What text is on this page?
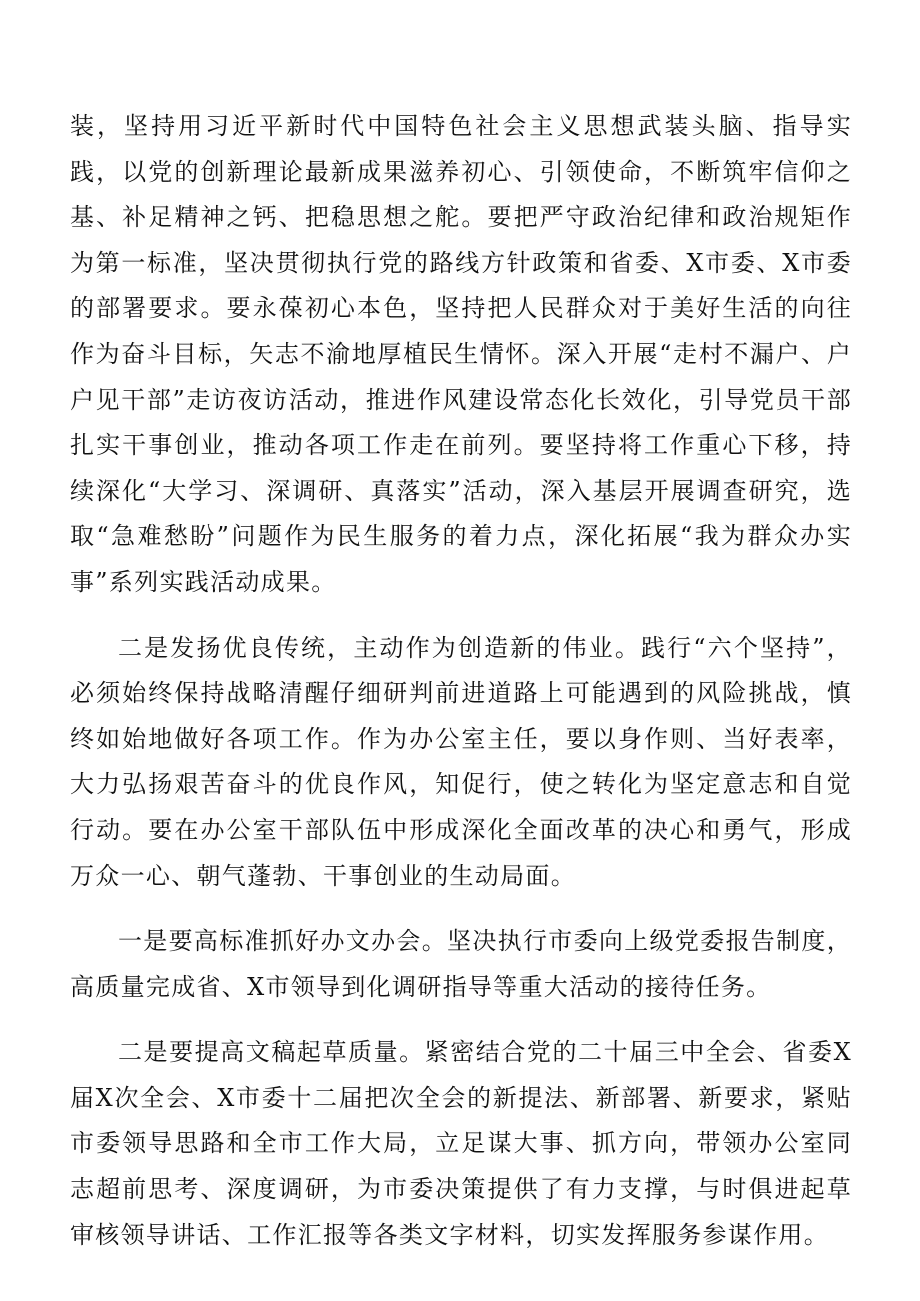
装，坚持用习近平新时代中国特色社会主义思想武装头脑、指导实践，以党的创新理论最新成果滋养初心、引领使命，不断筑牢信仰之基、补足精神之钙、把稳思想之舵。要把严守政治纪律和政治规矩作为第一标准，坚决贯彻执行党的路线方针政策和省委、X市委、X市委的部署要求。要永葆初心本色，坚持把人民群众对于美好生活的向往作为奋斗目标，矢志不渝地厚植民生情怀。深入开展“走村不漏户、户户见干部”走访夜访活动，推进作风建设常态化长效化，引导党员干部扎实干事创业，推动各项工作走在前列。要坚持将工作重心下移，持续深化“大学习、深调研、真落实”活动，深入基层开展调查研究，选取“急难愁盼”问题作为民生服务的着力点，深化拓展“我为群众办实事”系列实践活动成果。

二是发扬优良传统，主动作为创造新的伟业。践行“六个坚持”，必须始终保持战略清醒仔细研判前进道路上可能遇到的风险挑战，慎终如始地做好各项工作。作为办公室主任，要以身作则、当好表率，大力弘扬艰苦奋斗的优良作风，知促行，使之转化为坚定意志和自觉行动。要在办公室干部队伍中形成深化全面改革的决心和勇气，形成万众一心、朝气蓬勃、干事创业的生动局面。

一是要高标准抓好办文办会。坚决执行市委向上级党委报告制度，高质量完成省、X市领导到化调研指导等重大活动的接待任务。

二是要提高文稿起草质量。紧密结合党的二十届三中全会、省委X届X次全会、X市委十二届把次全会的新提法、新部署、新要求，紧贴市委领导思路和全市工作大局，立足谋大事、抓方向，带领办公室同志超前思考、深度调研，为市委决策提供了有力支撑，与时俱进起草审核领导讲话、工作汇报等各类文字材料，切实发挥服务参谋作用。
